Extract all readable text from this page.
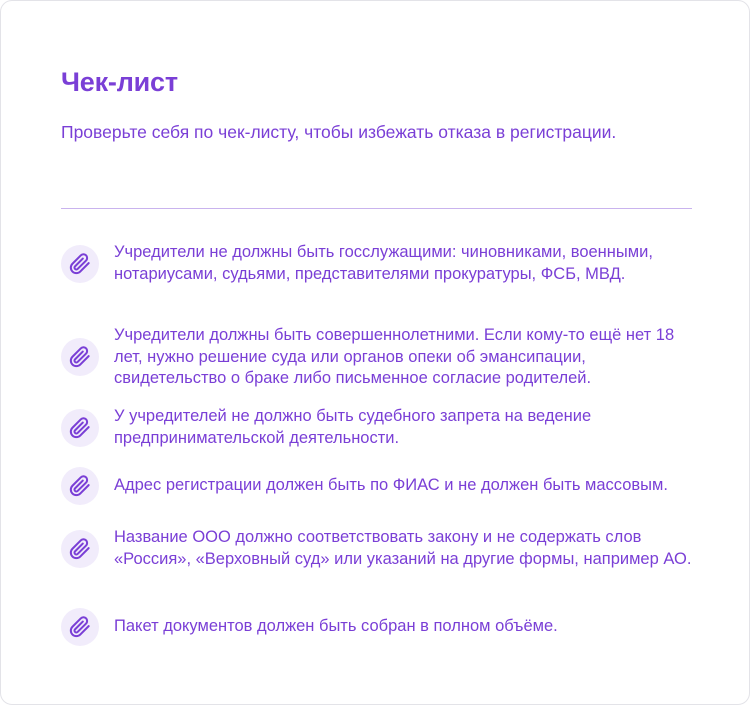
Чек-лист

Проверьте себя по чек-листу, чтобы избежать отказа в регистрации.

Учредители не должны быть госслужащими: чиновниками, военными, нотариусами, судьями, представителями прокуратуры, ФСБ, МВД.
Учредители должны быть совершеннолетними. Если кому-то ещё нет 18 лет, нужно решение суда или органов опеки об эмансипации, свидетельство о браке либо письменное согласие родителей.
У учредителей не должно быть судебного запрета на ведение предпринимательской деятельности.
Адрес регистрации должен быть по ФИАС и не должен быть массовым.
Название ООО должно соответствовать закону и не содержать слов «Россия», «Верховный суд» или указаний на другие формы, например АО.
Пакет документов должен быть собран в полном объёме.
